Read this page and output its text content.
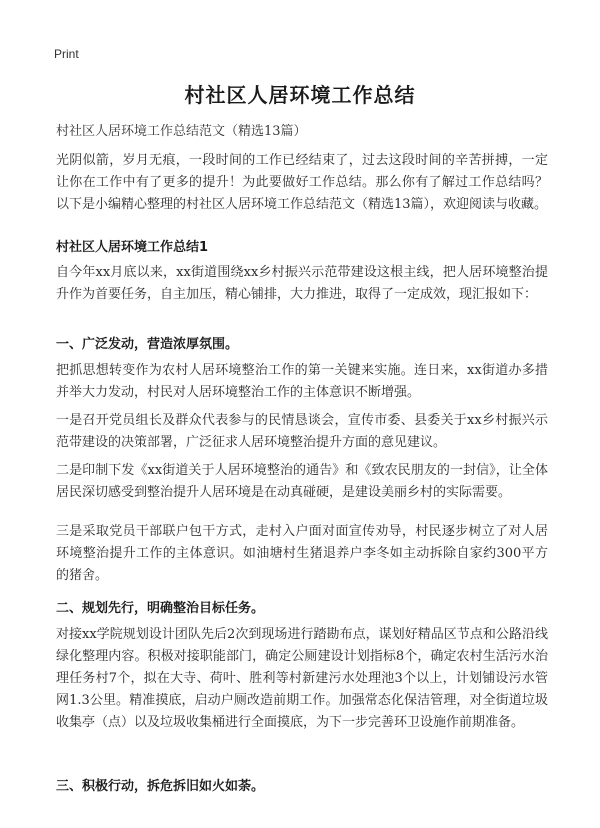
Print
村社区人居环境工作总结
村社区人居环境工作总结范文（精选13篇）
光阴似箭，岁月无痕，一段时间的工作已经结束了，过去这段时间的辛苦拼搏，一定让你在工作中有了更多的提升！为此要做好工作总结。那么你有了解过工作总结吗？以下是小编精心整理的村社区人居环境工作总结范文（精选13篇），欢迎阅读与收藏。
村社区人居环境工作总结1
自今年xx月底以来，xx街道围绕xx乡村振兴示范带建设这根主线，把人居环境整治提升作为首要任务，自主加压，精心铺排，大力推进，取得了一定成效，现汇报如下：
一、广泛发动，营造浓厚氛围。
把抓思想转变作为农村人居环境整治工作的第一关键来实施。连日来，xx街道办多措并举大力发动，村民对人居环境整治工作的主体意识不断增强。
一是召开党员组长及群众代表参与的民情恳谈会，宣传市委、县委关于xx乡村振兴示范带建设的决策部署，广泛征求人居环境整治提升方面的意见建议。
二是印制下发《xx街道关于人居环境整治的通告》和《致农民朋友的一封信》，让全体居民深切感受到整治提升人居环境是在动真碰硬，是建设美丽乡村的实际需要。
三是采取党员干部联户包干方式，走村入户面对面宣传劝导，村民逐步树立了对人居环境整治提升工作的主体意识。如油塘村生猪退养户李冬如主动拆除自家约300平方的猪舍。
二、规划先行，明确整治目标任务。
对接xx学院规划设计团队先后2次到现场进行踏勘布点，谋划好精品区节点和公路沿线绿化整理内容。积极对接职能部门，确定公厕建设计划指标8个，确定农村生活污水治理任务村7个，拟在大寺、荷叶、胜利等村新建污水处理池3个以上，计划铺设污水管网1.3公里。精准摸底，启动户厕改造前期工作。加强常态化保洁管理，对全街道垃圾收集亭（点）以及垃圾收集桶进行全面摸底，为下一步完善环卫设施作前期准备。
三、积极行动，拆危拆旧如火如荼。
